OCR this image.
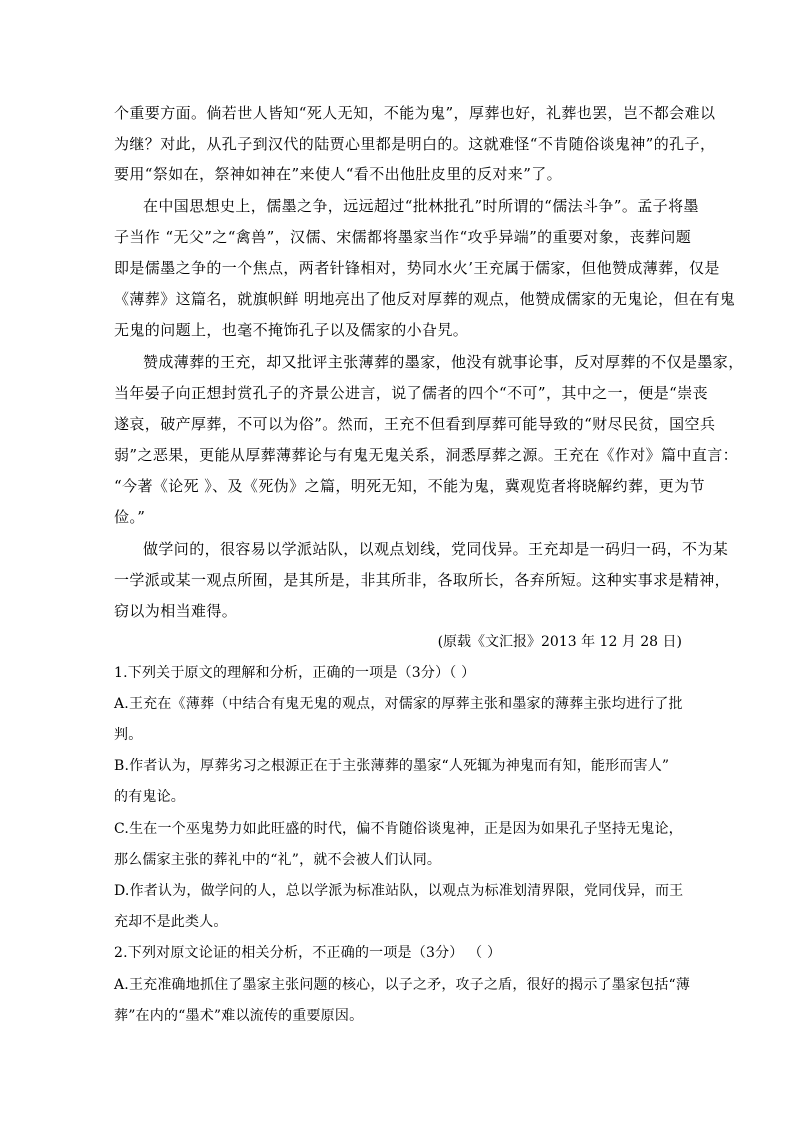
个重要方面。倘若世人皆知“死人无知，不能为鬼”，厚葬也好，礼葬也罢，岂不都会难以
为继？对此，从孔子到汉代的陆贾心里都是明白的。这就难怪“不肯随俗谈鬼神”的孔子，
要用“祭如在，祭神如神在”来使人“看不出他肚皮里的反对来”了。
在中国思想史上，儒墨之争，远远超过“批林批孔”时所谓的“儒法斗争”。孟子将墨
子当作 “无父”之“禽兽”，汉儒、宋儒都将墨家当作“攻乎异端”的重要对象，丧葬问题
即是儒墨之争的一个焦点，两者针锋相对，势同水火’王充属于儒家，但他赞成薄葬，仅是
《薄葬》这篇名，就旗帜鲜 明地亮出了他反对厚葬的观点，他赞成儒家的无鬼论，但在有鬼
无鬼的问题上，也毫不掩饰孔子以及儒家的小旮旯。
赞成薄葬的王充，却又批评主张薄葬的墨家，他没有就事论事，反对厚葬的不仅是墨家，
当年晏子向正想封赏孔子的齐景公进言，说了儒者的四个“不可”，其中之一，便是“崇丧
遂哀，破产厚葬，不可以为俗”。然而，王充不但看到厚葬可能导致的“财尽民贫，国空兵
弱”之恶果，更能从厚葬薄葬论与有鬼无鬼关系，洞悉厚葬之源。王充在《作对》篇中直言：
“今著《论死 》、及《死伪》之篇，明死无知，不能为鬼，冀观览者将晓解约葬，更为节
俭。”
做学问的，很容易以学派站队，以观点划线，党同伐异。王充却是一码归一码，不为某
一学派或某一观点所囿，是其所是，非其所非，各取所长，各弃所短。这种实事求是精神，
窃以为相当难得。
(原载《文汇报》2013 年 12 月 28 日)
1.下列关于原文的理解和分析，正确的一项是（3分）（ ）
A.王充在《薄葬（中结合有鬼无鬼的观点，对儒家的厚葬主张和墨家的薄葬主张均进行了批
判。
B.作者认为，厚葬劣习之根源正在于主张薄葬的墨家“人死辄为神鬼而有知，能形而害人”
的有鬼论。
C.生在一个巫鬼势力如此旺盛的时代，偏不肯随俗谈鬼神，正是因为如果孔子坚持无鬼论，
那么儒家主张的葬礼中的“礼”，就不会被人们认同。
D.作者认为，做学问的人，总以学派为标准站队，以观点为标准划清界限，党同伐异，而王
充却不是此类人。
2.下列对原文论证的相关分析，不正确的一项是（3分） （ ）
A.王充准确地抓住了墨家主张问题的核心，以子之矛，攻子之盾，很好的揭示了墨家包括“薄
葬”在内的“墨术”难以流传的重要原因。
